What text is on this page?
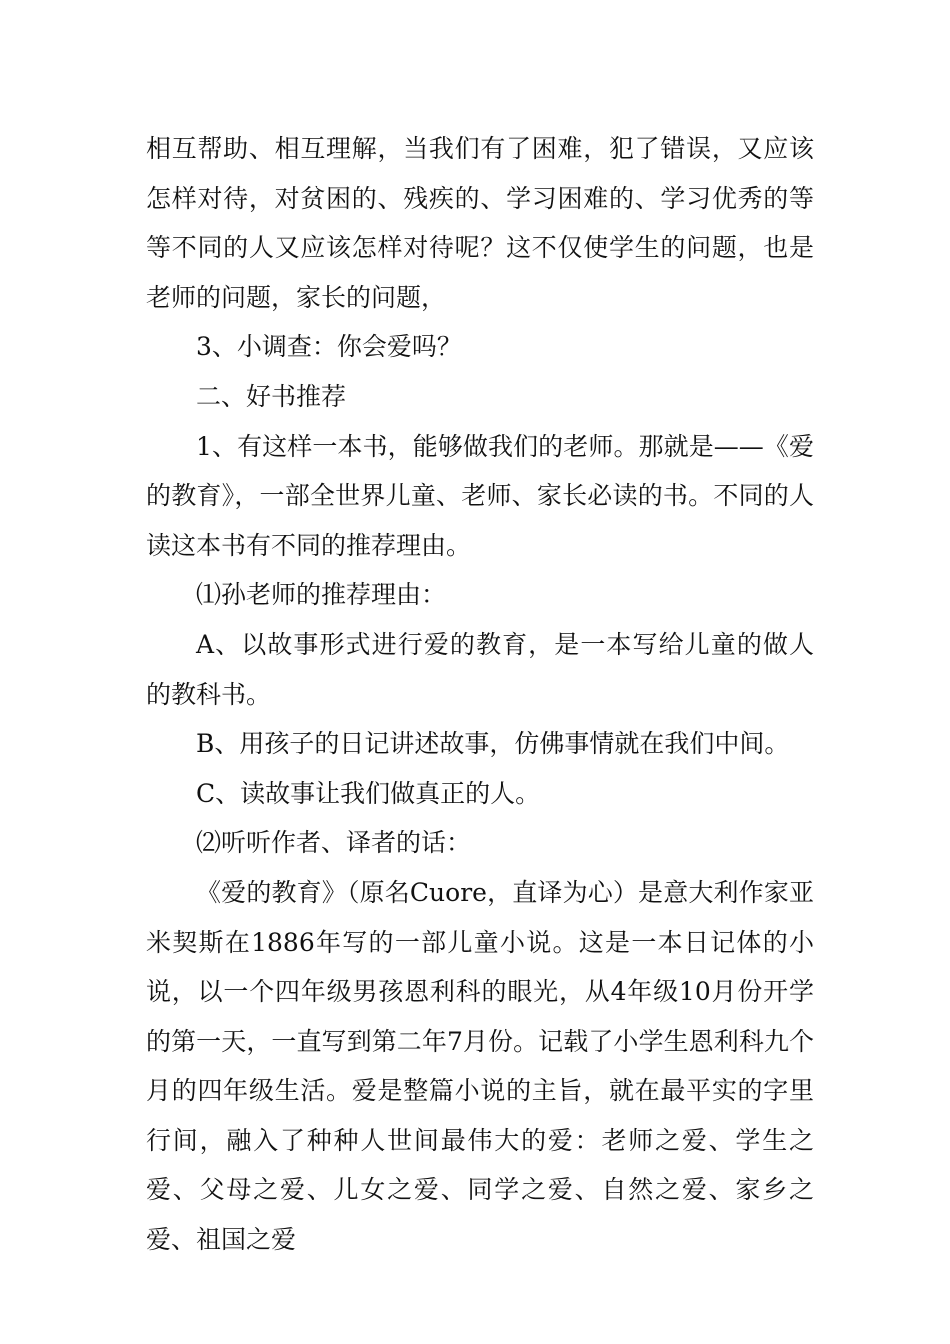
相互帮助、相互理解，当我们有了困难，犯了错误，又应该怎样对待，对贫困的、残疾的、学习困难的、学习优秀的等等不同的人又应该怎样对待呢？这不仅使学生的问题，也是老师的问题，家长的问题，

3、小调查：你会爱吗？

二、好书推荐

1、有这样一本书，能够做我们的老师。那就是——《爱的教育》，一部全世界儿童、老师、家长必读的书。不同的人读这本书有不同的推荐理由。

⑴孙老师的推荐理由：

A、以故事形式进行爱的教育，是一本写给儿童的做人的教科书。

B、用孩子的日记讲述故事，仿佛事情就在我们中间。

C、读故事让我们做真正的人。

⑵听听作者、译者的话：

《爱的教育》（原名Cuore，直译为心）是意大利作家亚米契斯在1886年写的一部儿童小说。这是一本日记体的小说，以一个四年级男孩恩利科的眼光，从4年级10月份开学的第一天，一直写到第二年7月份。记载了小学生恩利科九个月的四年级生活。爱是整篇小说的主旨，就在最平实的字里行间，融入了种种人世间最伟大的爱：老师之爱、学生之爱、父母之爱、儿女之爱、同学之爱、自然之爱、家乡之爱、祖国之爱
